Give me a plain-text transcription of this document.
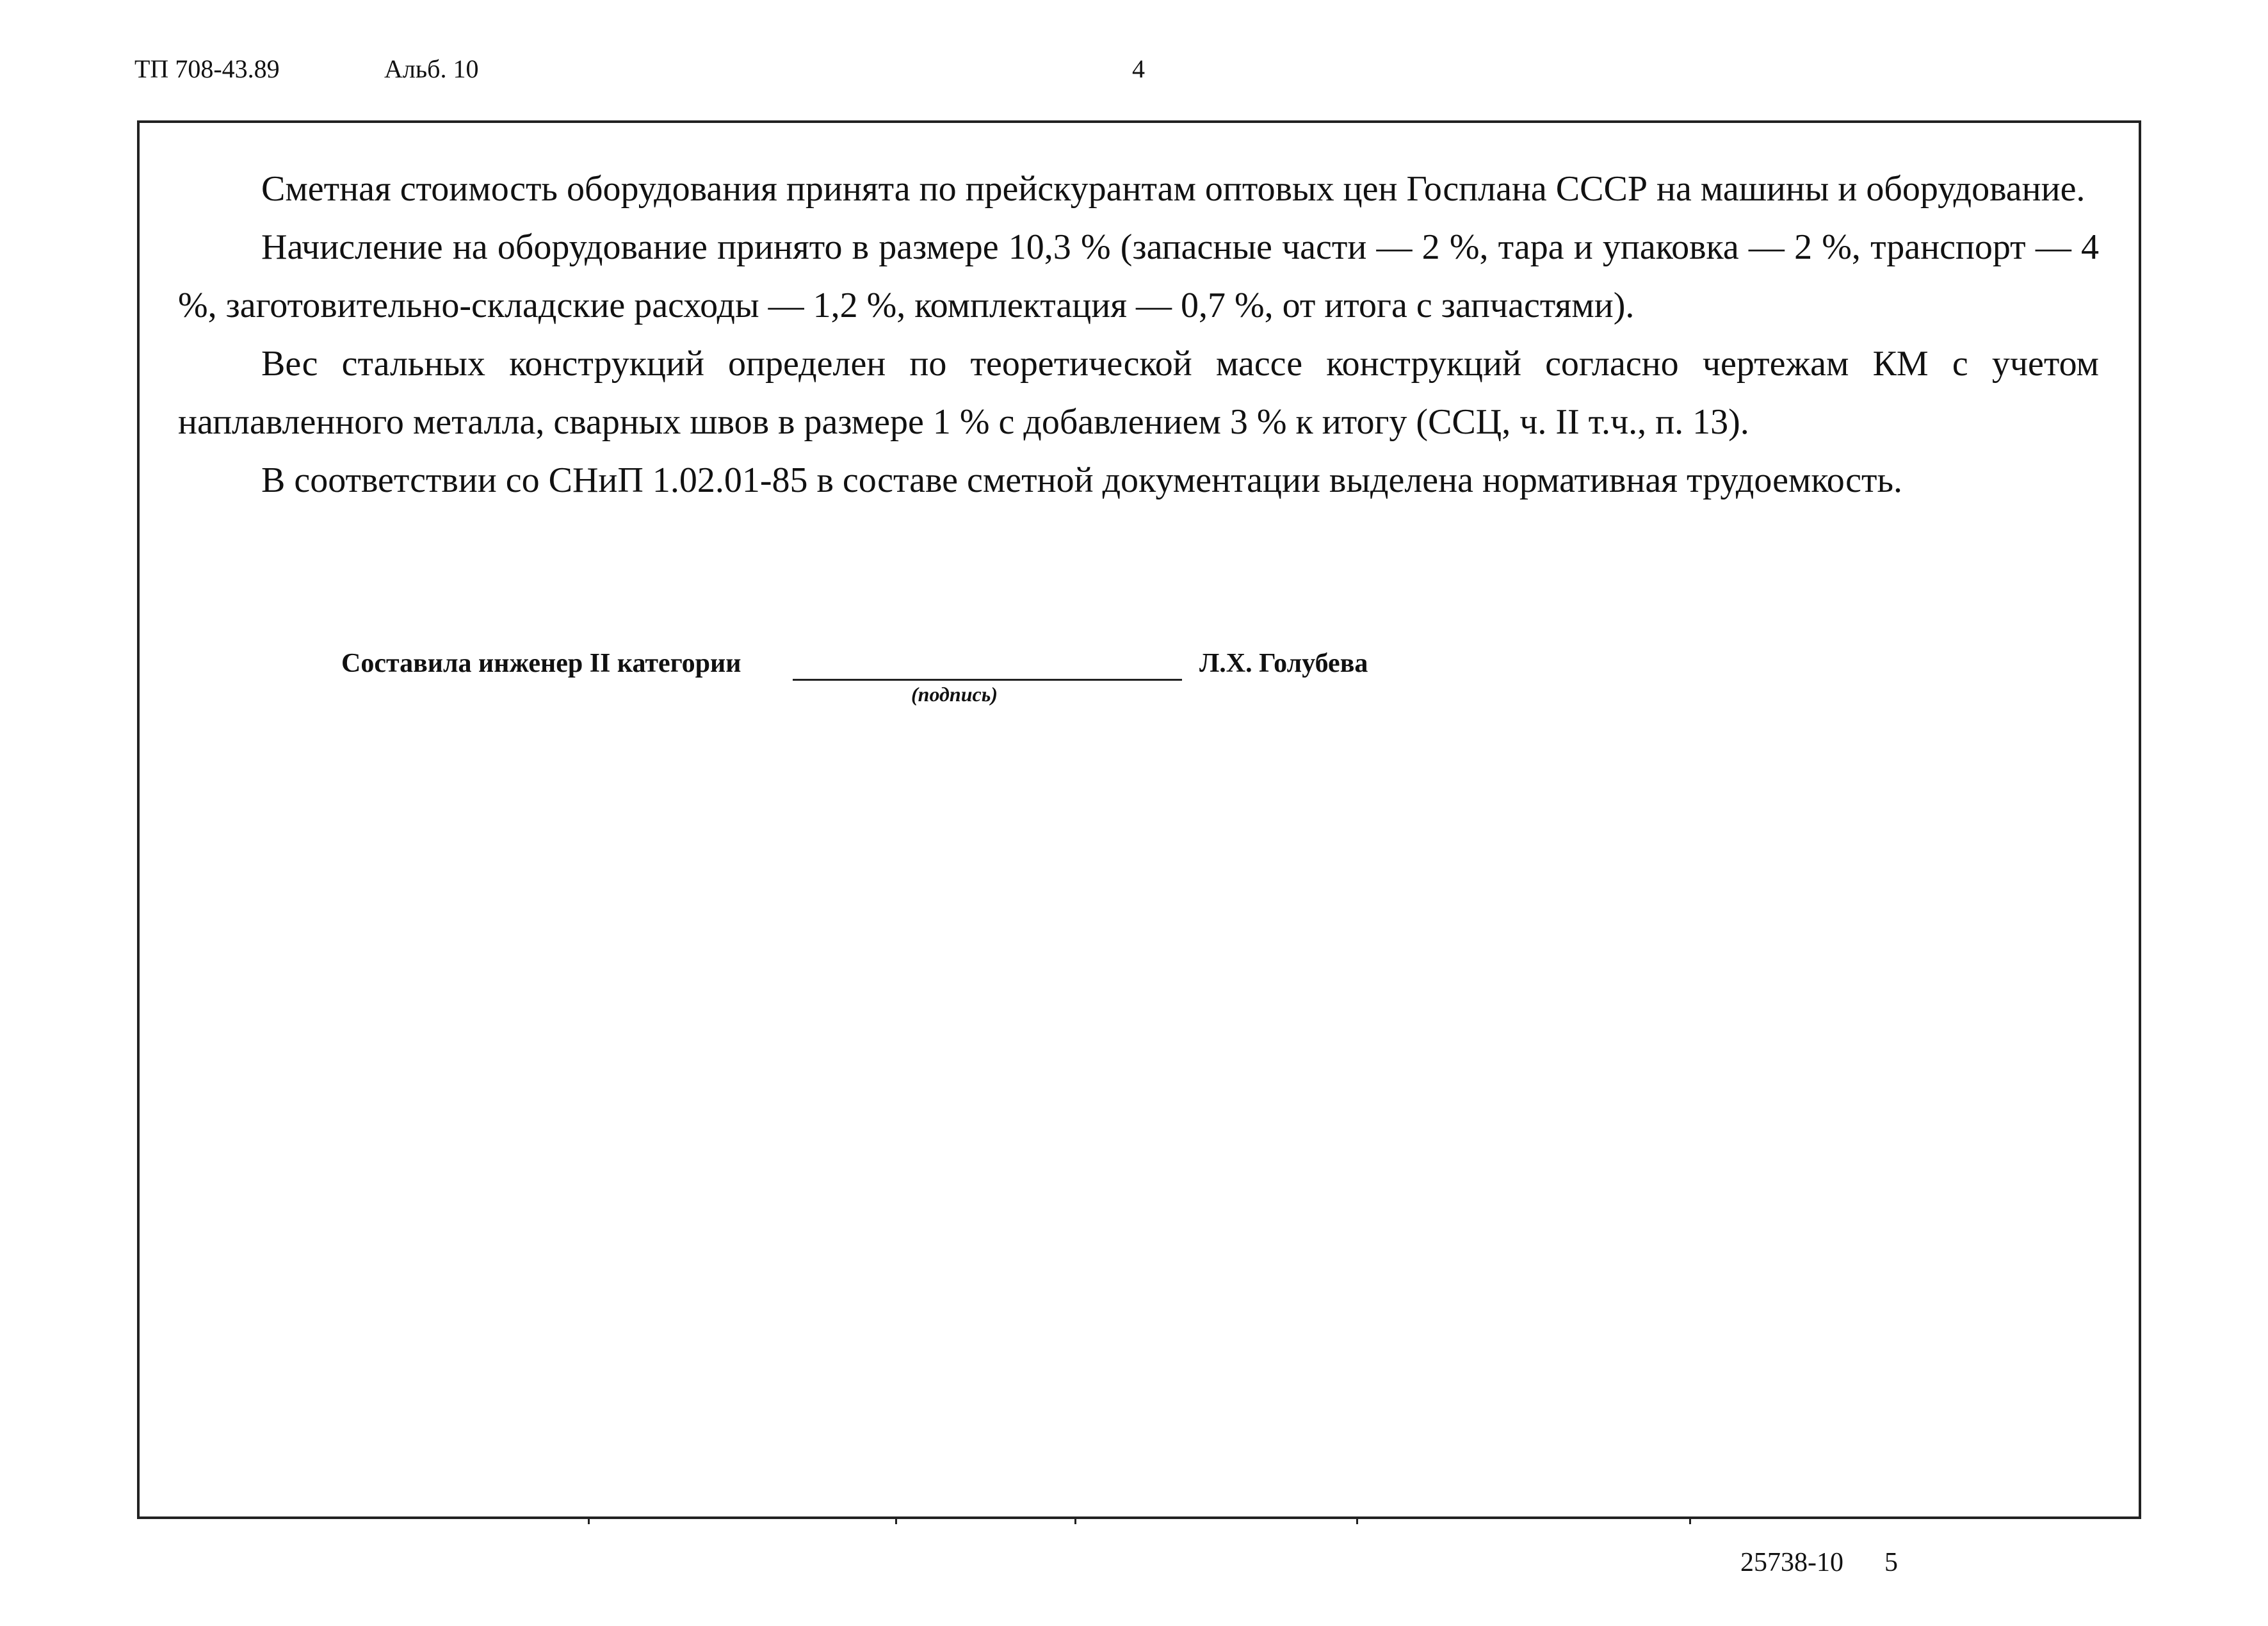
ТП 708-43.89	Альб. 10	4

Сметная стоимость оборудования принята по прейскурантам оптовых цен Госплана СССР на машины и оборудование.

Начисление на оборудование принято в размере 10,3 % (запасные части — 2 %, тара и упаковка — 2 %, транспорт — 4 %, заготовительно-складские расходы — 1,2 %, комплектация — 0,7 %, от итога с запчастями).

Вес стальных конструкций определен по теоретической массе конструкций согласно чертежам КМ с учетом наплавленного металла, сварных швов в размере 1 % с добавлением 3 % к итогу (ССЦ, ч. II т.ч., п. 13).

В соответствии со СНиП 1.02.01-85 в составе сметной документации выделена нормативная трудоемкость.

Составила инженер II категории
(подпись)
Л.Х. Голубева
25738-10 5
